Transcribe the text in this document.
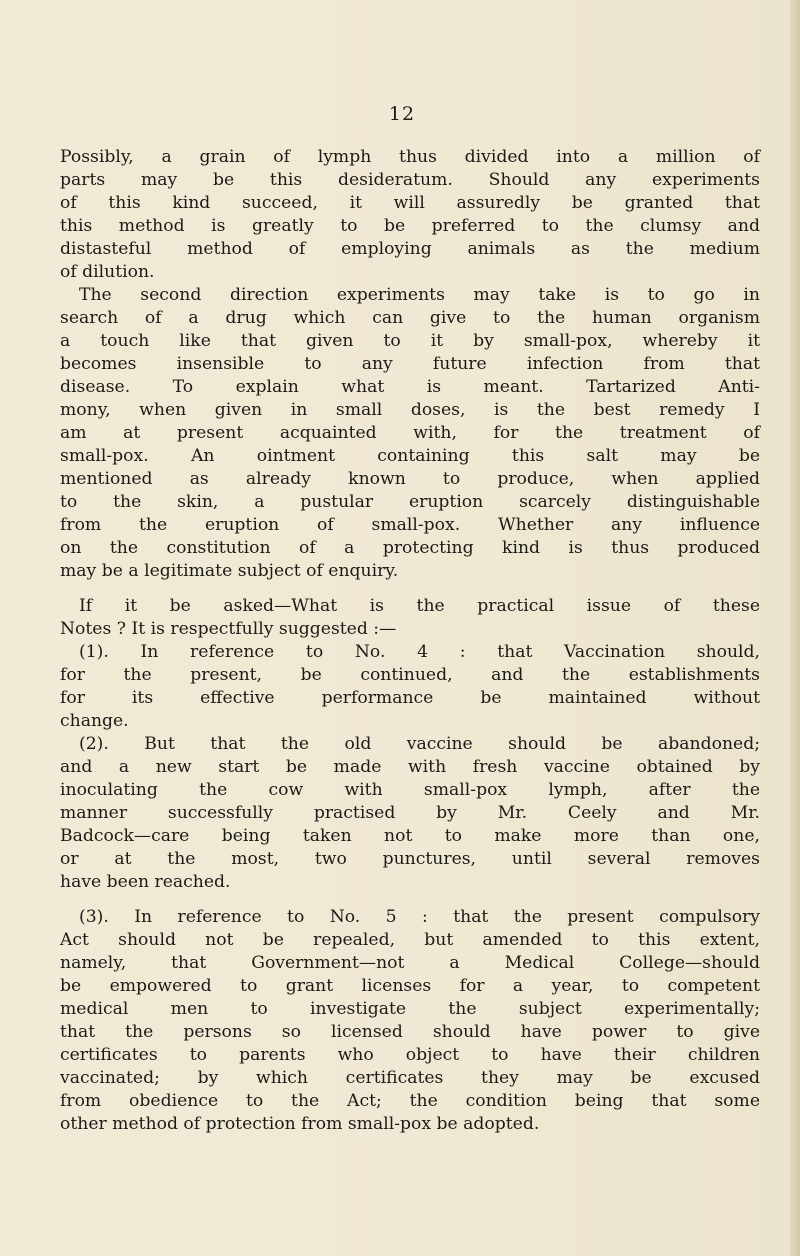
12
Possibly, a grain of lymph thus divided into a million of
parts may be this desideratum. Should any experiments
of this kind succeed, it will assuredly be granted that
this method is greatly to be preferred to the clumsy and
distasteful method of employing animals as the medium
of dilution.
The second direction experiments may take is to go in
search of a drug which can give to the human organism
a touch like that given to it by small-pox, whereby it
becomes insensible to any future infection from that
disease. To explain what is meant. Tartarized Anti-
mony, when given in small doses, is the best remedy I
am at present acquainted with, for the treatment of
small-pox. An ointment containing this salt may be
mentioned as already known to produce, when applied
to the skin, a pustular eruption scarcely distinguishable
from the eruption of small-pox. Whether any influence
on the constitution of a protecting kind is thus produced
may be a legitimate subject of enquiry.
If it be asked—What is the practical issue of these
Notes ? It is respectfully suggested :—
(1). In reference to No. 4 : that Vaccination should,
for the present, be continued, and the establishments
for its effective performance be maintained without
change.
(2). But that the old vaccine should be abandoned;
and a new start be made with fresh vaccine obtained by
inoculating the cow with small-pox lymph, after the
manner successfully practised by Mr. Ceely and Mr.
Badcock—care being taken not to make more than one,
or at the most, two punctures, until several removes
have been reached.
(3). In reference to No. 5 : that the present compulsory
Act should not be repealed, but amended to this extent,
namely, that Government—not a Medical College—should
be empowered to grant licenses for a year, to competent
medical men to investigate the subject experimentally;
that the persons so licensed should have power to give
certificates to parents who object to have their children
vaccinated; by which certificates they may be excused
from obedience to the Act; the condition being that some
other method of protection from small-pox be adopted.
